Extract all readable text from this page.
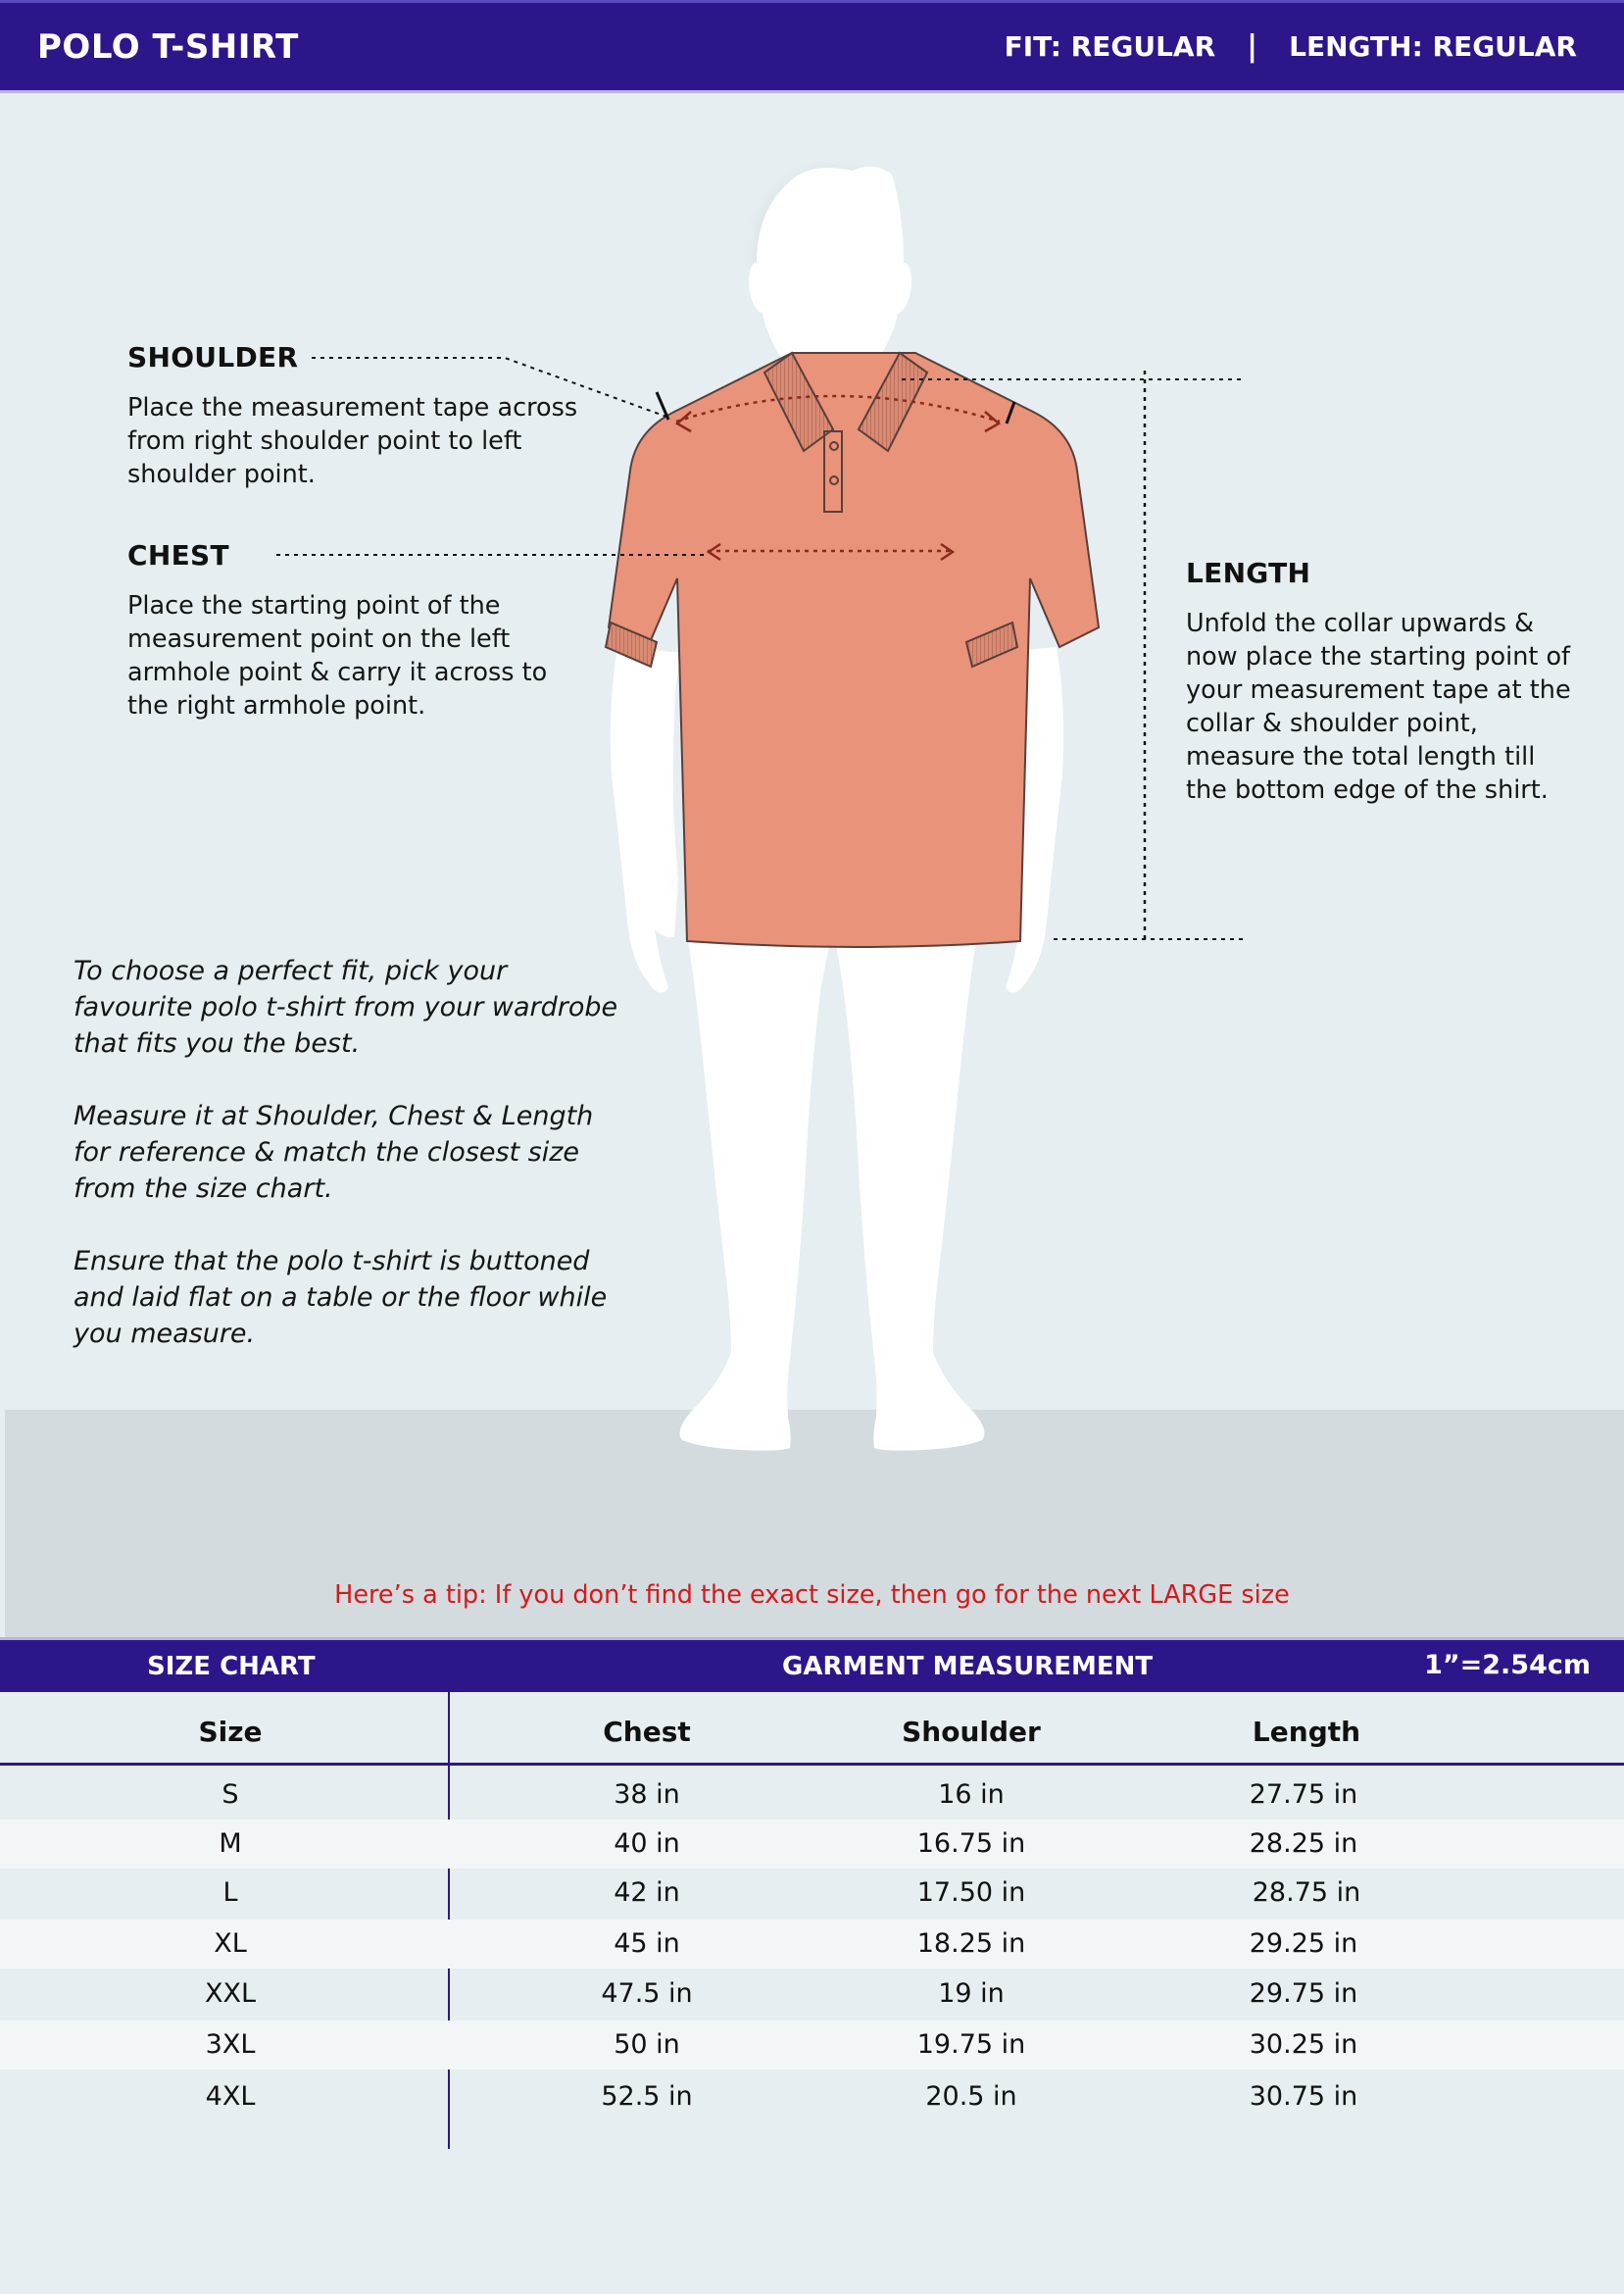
POLO T-SHIRT	FIT: REGULAR | LENGTH: REGULAR
SHOULDER

Place the measurement tape across from right shoulder point to left shoulder point.

CHEST

Place the starting point of the measurement point on the left armhole point & carry it across to the right armhole point.

LENGTH

Unfold the collar upwards & now place the starting point of your measurement tape at the collar & shoulder point, measure the total length till the bottom edge of the shirt.

To choose a perfect fit, pick your favourite polo t-shirt from your wardrobe that fits you the best.

Measure it at Shoulder, Chest & Length for reference & match the closest size from the size chart.

Ensure that the polo t-shirt is buttoned and laid flat on a table or the floor while you measure.

Here’s a tip: If you don’t find the exact size, then go for the next LARGE size
SIZE CHART	GARMENT MEASUREMENT	1”=2.54cm
Size	Chest	Shoulder	Length
S	38 in	16 in	27.75 in
M	40 in	16.75 in	28.25 in
L	42 in	17.50 in	28.75 in
XL	45 in	18.25 in	29.25 in
XXL	47.5 in	19 in	29.75 in
3XL	50 in	19.75 in	30.25 in
4XL	52.5 in	20.5 in	30.75 in
